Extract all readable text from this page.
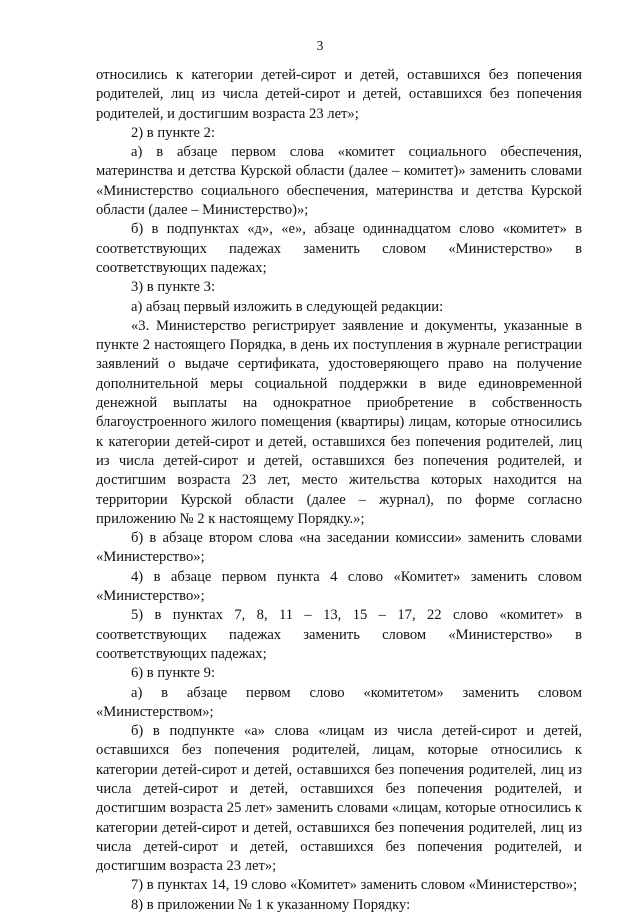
3

относились к категории детей-сирот и детей, оставшихся без попечения родителей, лиц из числа детей-сирот и детей, оставшихся без попечения родителей, и достигшим возраста 23 лет»;

2) в пункте 2:

а) в абзаце первом слова «комитет социального обеспечения, материнства и детства Курской области (далее – комитет)» заменить словами «Министерство социального обеспечения, материнства и детства Курской области (далее – Министерство)»;

б) в подпунктах «д», «е», абзаце одиннадцатом слово «комитет» в соответствующих падежах заменить словом «Министерство» в соответствующих падежах;

3) в пункте 3:

а) абзац первый изложить в следующей редакции:

«3. Министерство регистрирует заявление и документы, указанные в пункте 2 настоящего Порядка, в день их поступления в журнале регистрации заявлений о выдаче сертификата, удостоверяющего право на получение дополнительной меры социальной поддержки в виде единовременной денежной выплаты на однократное приобретение в собственность благоустроенного жилого помещения (квартиры) лицам, которые относились к категории детей-сирот и детей, оставшихся без попечения родителей, лиц из числа детей-сирот и детей, оставшихся без попечения родителей, и достигшим возраста 23 лет, место жительства которых находится на территории Курской области (далее – журнал), по форме согласно приложению № 2 к настоящему Порядку.»;

б) в абзаце втором слова «на заседании комиссии» заменить словами «Министерство»;

4) в абзаце первом пункта 4 слово «Комитет» заменить словом «Министерство»;

5) в пунктах 7, 8, 11 – 13, 15 – 17, 22 слово «комитет» в соответствующих падежах заменить словом «Министерство» в соответствующих падежах;

6) в пункте 9:

а) в абзаце первом слово «комитетом» заменить словом «Министерством»;

б) в подпункте «а» слова «лицам из числа детей-сирот и детей, оставшихся без попечения родителей, лицам, которые относились к категории детей-сирот и детей, оставшихся без попечения родителей, лиц из числа детей-сирот и детей, оставшихся без попечения родителей, и достигшим возраста 25 лет» заменить словами «лицам, которые относились к категории детей-сирот и детей, оставшихся без попечения родителей, лиц из числа детей-сирот и детей, оставшихся без попечения родителей, и достигшим возраста 23 лет»;

7) в пунктах 14, 19 слово «Комитет» заменить словом «Министерство»;

8) в приложении № 1 к указанному Порядку:
